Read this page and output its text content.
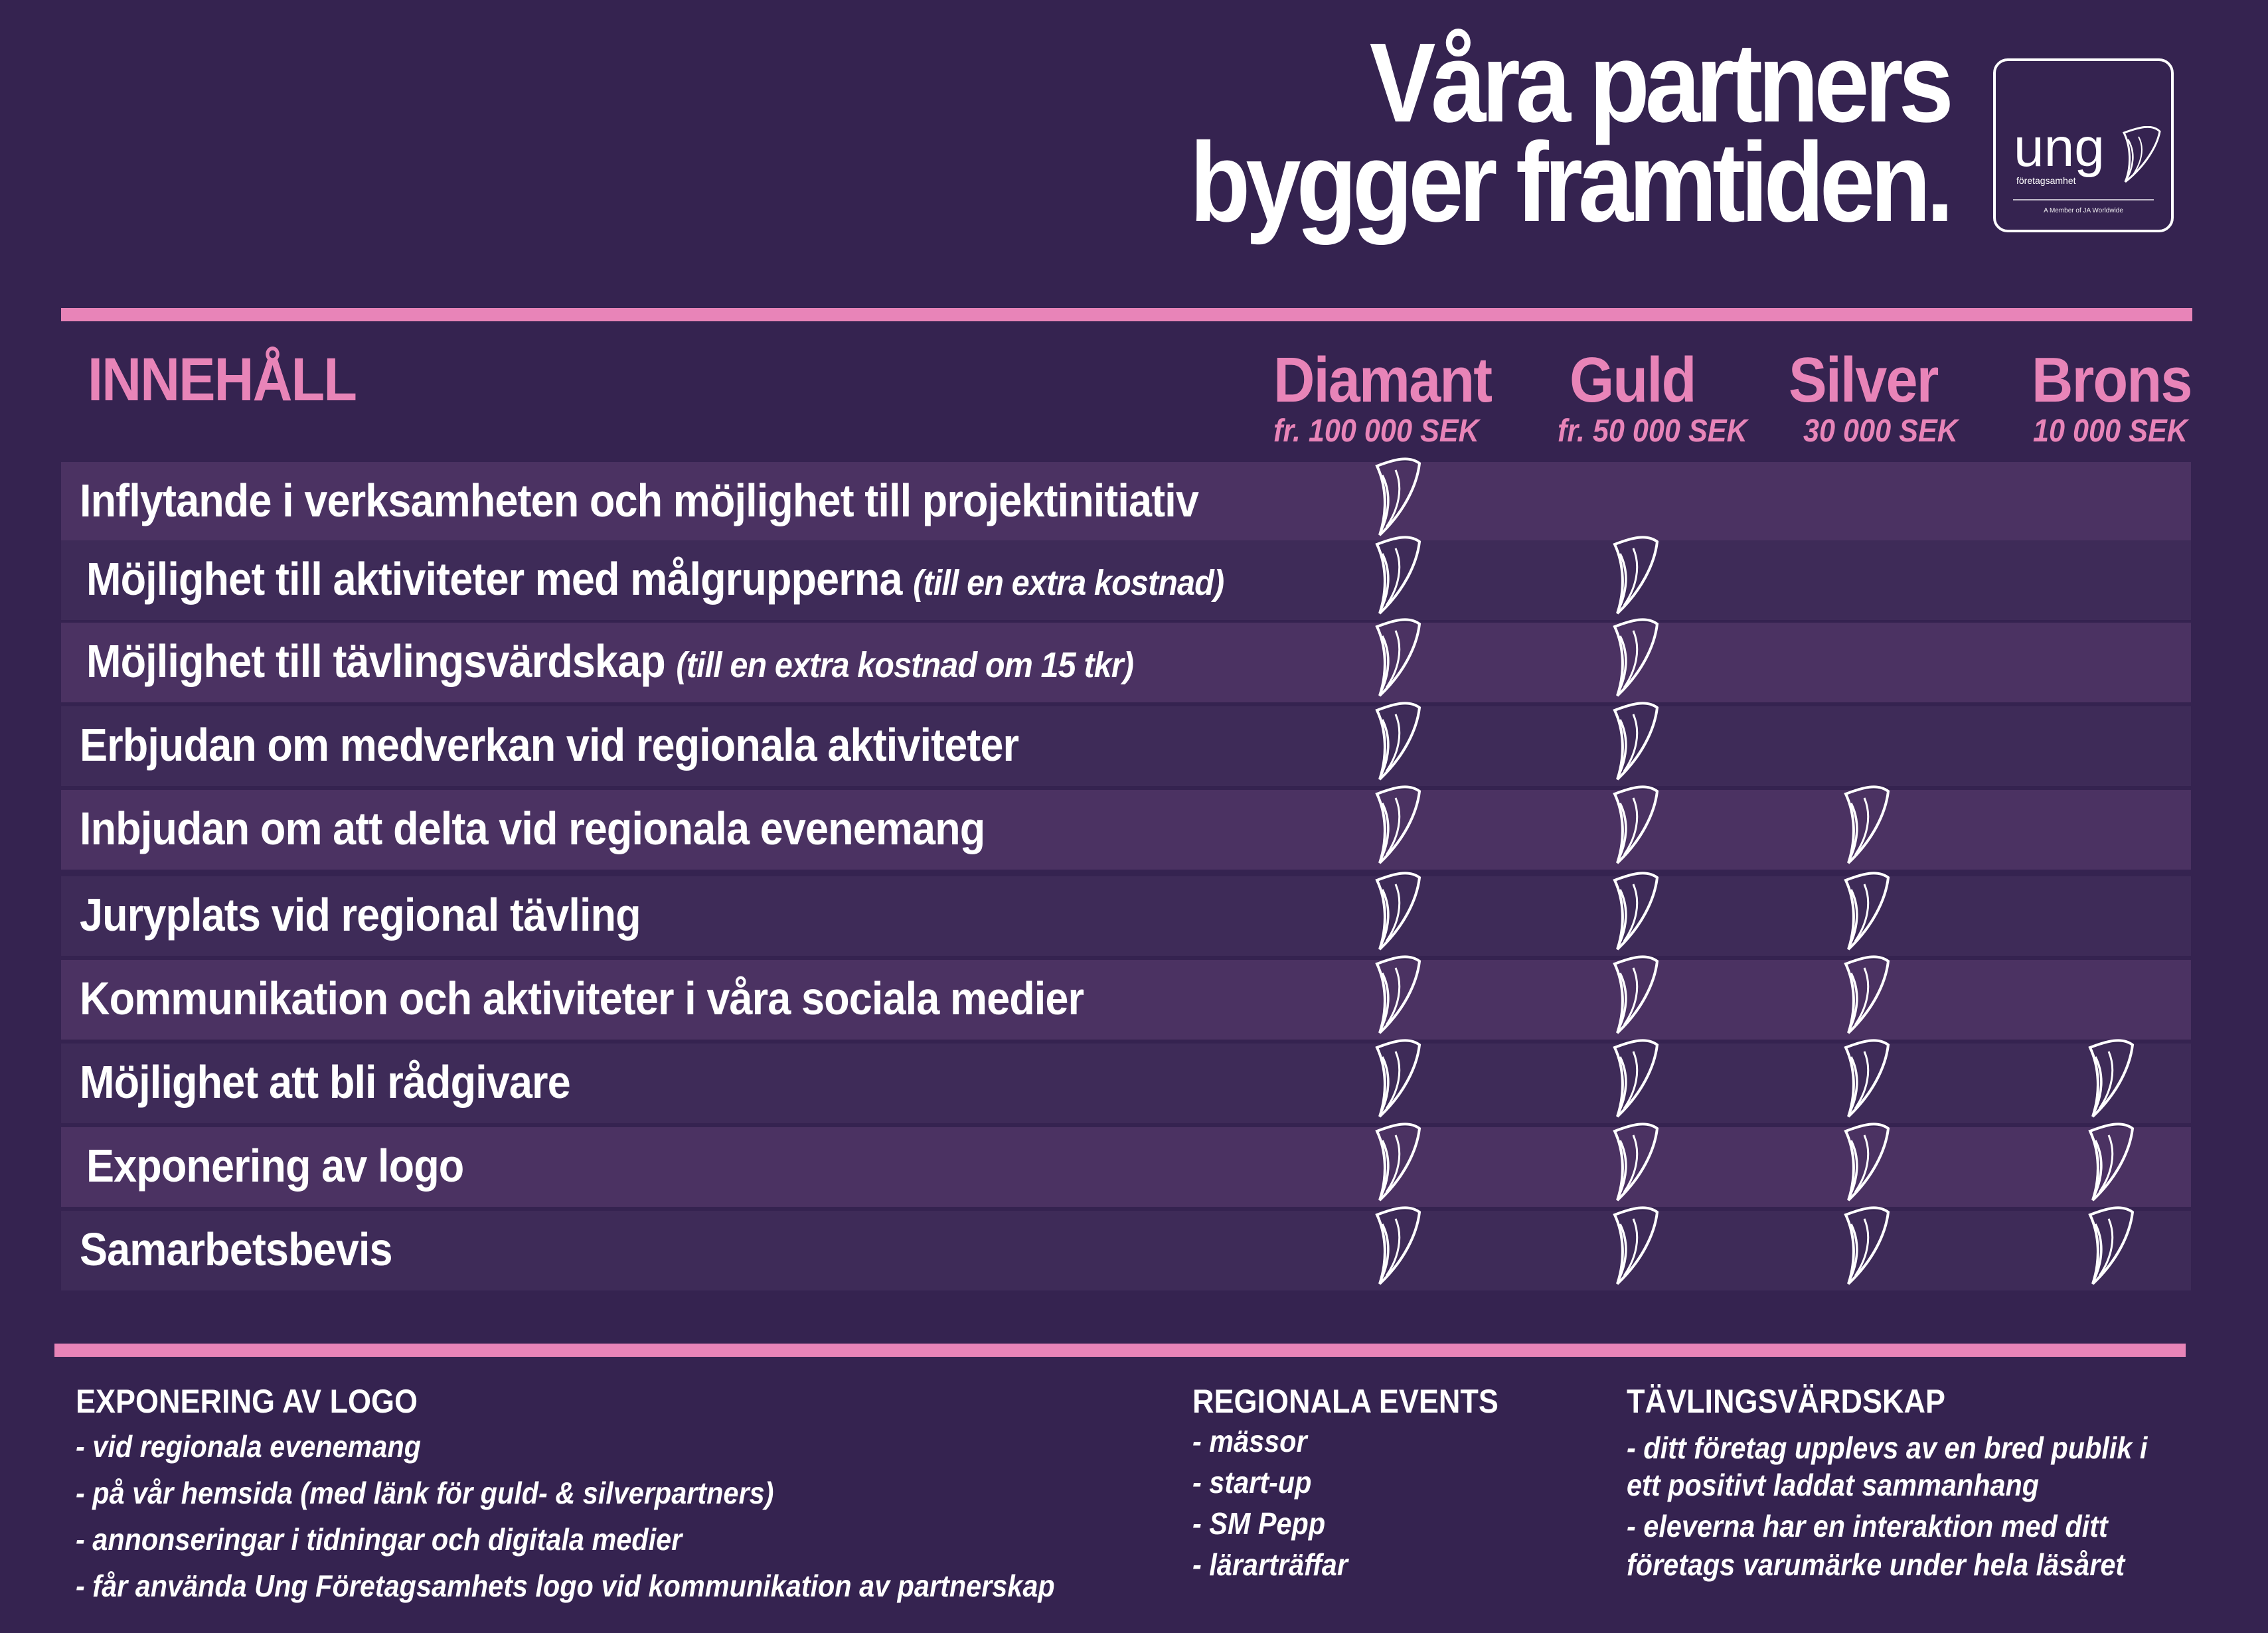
Våra partners
bygger framtiden. ung
företagsamhet
A Member of JA Worldwide
INNEHÅLL	Diamant
fr. 100 000 SEK
Guld
fr. 50 000 SEK
Silver
30 000 SEK
Brons
10 000 SEK
Inflytande i verksamheten och möjlighet till projektinitiativ
Möjlighet till aktiviteter med målgrupperna (till en extra kostnad)
Möjlighet till tävlingsvärdskap (till en extra kostnad om 15 tkr)
Erbjudan om medverkan vid regionala aktiviteter
Inbjudan om att delta vid regionala evenemang
Juryplats vid regional tävling
Kommunikation och aktiviteter i våra sociala medier
Möjlighet att bli rådgivare
Exponering av logo
Samarbetsbevis
EXPONERING AV LOGO
- vid regionala evenemang
- på vår hemsida (med länk för guld- & silverpartners)
- annonseringar i tidningar och digitala medier
- får använda Ung Företagsamhets logo vid kommunikation av partnerskap
REGIONALA EVENTS
- mässor
- start-up
- SM Pepp
- lärarträffar
TÄVLINGSVÄRDSKAP
- ditt företag upplevs av en bred publik i
ett positivt laddat sammanhang
- eleverna har en interaktion med ditt
företags varumärke under hela läsåret
